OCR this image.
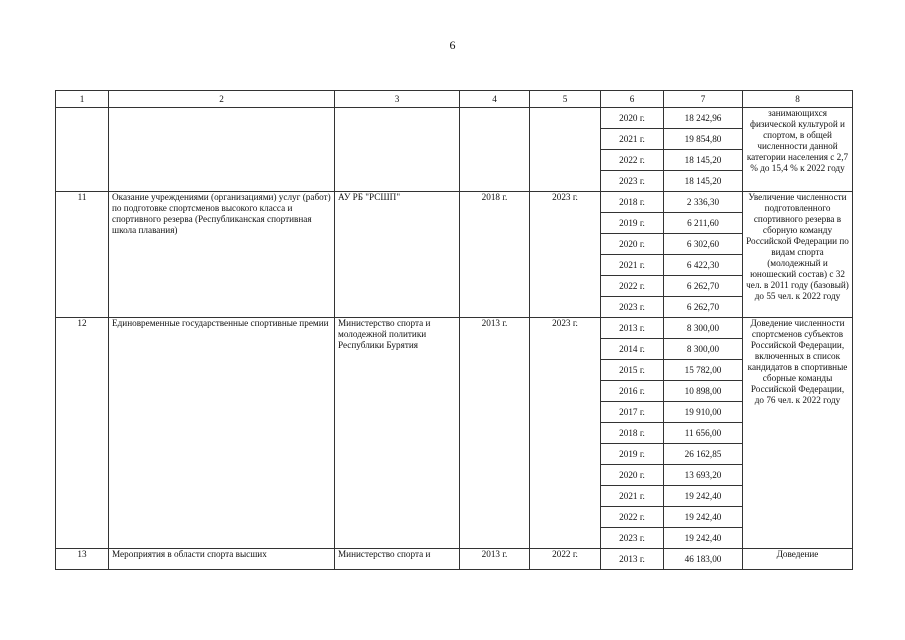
6
1	2	3	4	5	6	7	8
					2020 г.	18 242,96	занимающихся физической культурой и спортом, в общей численности данной категории населения с 2,7 % до 15,4 % к 2022 году
					2021 г.	19 854,80	
					2022 г.	18 145,20	
					2023 г.	18 145,20	
11	Оказание учреждениями (организациями) услуг (работ) по подготовке спортсменов высокого класса и спортивного резерва (Республиканская спортивная школа плавания)	АУ РБ "РСШП"	2018 г.	2023 г.	2018 г.	2 336,30	Увеличение численности подготовленного спортивного резерва в сборную команду Российской Федерации по видам спорта (молодежный и юношеский состав) с 32 чел. в 2011 году (базовый) до 55 чел. к 2022 году
					2019 г.	6 211,60	
					2020 г.	6 302,60	
					2021 г.	6 422,30	
					2022 г.	6 262,70	
					2023 г.	6 262,70	
12	Единовременные государственные спортивные премии	Министерство спорта и молодежной политики Республики Бурятия	2013 г.	2023 г.	2013 г.	8 300,00	Доведение численности спортсменов субъектов Российской Федерации, включенных в список кандидатов в спортивные сборные команды Российской Федерации, до 76 чел. к 2022 году
					2014 г.	8 300,00	
					2015 г.	15 782,00	
					2016 г.	10 898,00	
					2017 г.	19 910,00	
					2018 г.	11 656,00	
					2019 г.	26 162,85	
					2020 г.	13 693,20	
					2021 г.	19 242,40	
					2022 г.	19 242,40	
					2023 г.	19 242,40	
13	Мероприятия в области спорта высших	Министерство спорта и	2013 г.	2022 г.	2013 г.	46 183,00	Доведение
